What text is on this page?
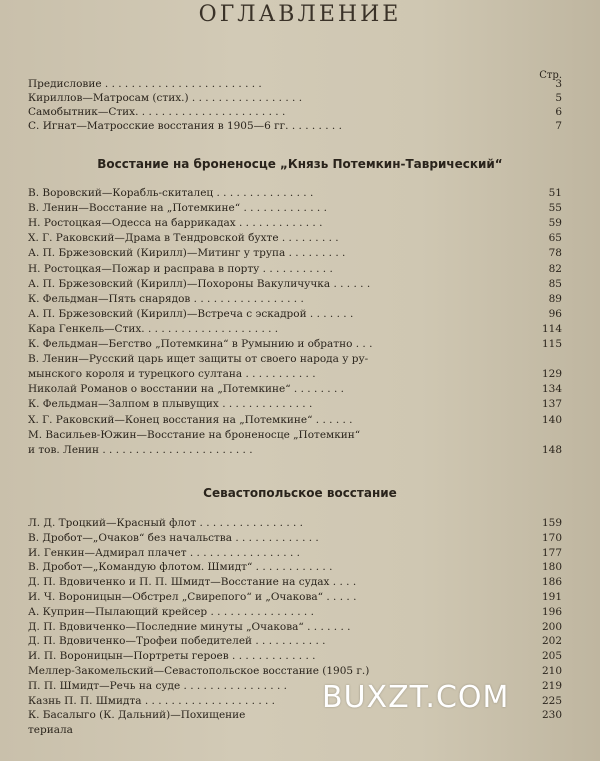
ОГЛАВЛЕНИЕ
Стр.
Предисловие . . . . . . . . . . . . . . . . . . . . . . . .	3
Кириллов—Матросам (стих.) . . . . . . . . . . . . . . . . .	5
Самобытник—Стих. . . . . . . . . . . . . . . . . . . . . . .	6
С. Игнат—Матросские восстания в 1905—6 гг. . . . . . . . .	7
Восстание на броненосце „Князь Потемкин-Таврический“
В. Воровский—Корабль-скиталец . . . . . . . . . . . . . . .	51
В. Ленин—Восстание на „Потемкине“ . . . . . . . . . . . . .	55
Н. Ростоцкая—Одесса на баррикадах . . . . . . . . . . . . .	59
Х. Г. Раковский—Драма в Тендровской бухте . . . . . . . . .	65
А. П. Бржезовский (Кирилл)—Митинг у трупа . . . . . . . . .	78
Н. Ростоцкая—Пожар и расправа в порту . . . . . . . . . . .	82
А. П. Бржезовский (Кирилл)—Похороны Вакуличучка . . . . . .	85
К. Фельдман—Пять снарядов . . . . . . . . . . . . . . . . .	89
А. П. Бржезовский (Кирилл)—Встреча с эскадрой . . . . . . .	96
Кара Генкель—Стих. . . . . . . . . . . . . . . . . . . . .	114
К. Фельдман—Бегство „Потемкина“ в Румынию и обратно . . .	115
В. Ленин—Русский царь ищет защиты от своего народа у ру-
мынского короля и турецкого султана . . . . . . . . . . .	129
Николай Романов о восстании на „Потемкине“ . . . . . . . .	134
К. Фельдман—Залпом в плывущих . . . . . . . . . . . . . .	137
Х. Г. Раковский—Конец восстания на „Потемкине“ . . . . . .	140
М. Васильев-Южин—Восстание на броненосце „Потемкин“
и тов. Ленин . . . . . . . . . . . . . . . . . . . . . . .	148
Севастопольское восстание
Л. Д. Троцкий—Красный флот . . . . . . . . . . . . . . . .	159
В. Дробот—„Очаков“ без начальства . . . . . . . . . . . . .	170
И. Генкин—Адмирал плачет . . . . . . . . . . . . . . . . .	177
В. Дробот—„Командую флотом. Шмидт“ . . . . . . . . . . . .	180
Д. П. Вдовиченко и П. П. Шмидт—Восстание на судах . . . .	186
И. Ч. Вороницын—Обстрел „Свирепого“ и „Очакова“ . . . . .	191
А. Куприн—Пылающий крейсер . . . . . . . . . . . . . . . .	196
Д. П. Вдовиченко—Последние минуты „Очакова“ . . . . . . .	200
Д. П. Вдовиченко—Трофеи победителей . . . . . . . . . . .	202
И. П. Вороницын—Портреты героев . . . . . . . . . . . . .	205
Меллер-Закомельский—Севастопольское восстание (1905 г.)	210
П. П. Шмидт—Речь на суде . . . . . . . . . . . . . . . .	219
Казнь П. П. Шмидта . . . . . . . . . . . . . . . . . . . .	225
К. Басалыго (К. Дальний)—Похищение	230
териала
BUXZT.COM
